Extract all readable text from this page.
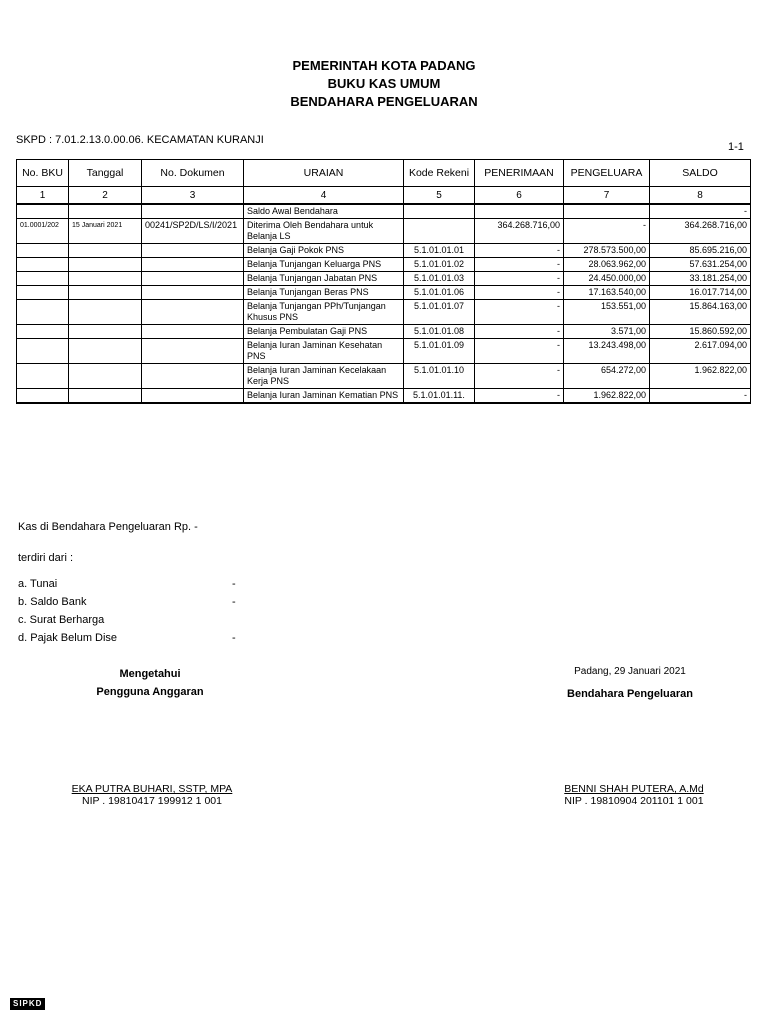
PEMERINTAH KOTA PADANG
BUKU KAS UMUM
BENDAHARA PENGELUARAN
SKPD : 7.01.2.13.0.00.06. KECAMATAN KURANJI
1-1
No. BKU	Tanggal	No. Dokumen	URAIAN	Kode Rekeni	PENERIMAAN	PENGELUARA	SALDO
1	2	3	4	5	6	7	8
			Saldo Awal Bendahara				-
01.0001/202	15 Januari 2021	00241/SP2D/LS/I/2021	Diterima Oleh Bendahara untuk Belanja LS		364.268.716,00	-	364.268.716,00
			Belanja Gaji Pokok PNS	5.1.01.01.01	-	278.573.500,00	85.695.216,00
			Belanja Tunjangan Keluarga PNS	5.1.01.01.02	-	28.063.962,00	57.631.254,00
			Belanja Tunjangan Jabatan PNS	5.1.01.01.03	-	24.450.000,00	33.181.254,00
			Belanja Tunjangan Beras PNS	5.1.01.01.06	-	17.163.540,00	16.017.714,00
			Belanja Tunjangan PPh/Tunjangan Khusus PNS	5.1.01.01.07	-	153.551,00	15.864.163,00
			Belanja Pembulatan Gaji PNS	5.1.01.01.08	-	3.571,00	15.860.592,00
			Belanja Iuran Jaminan Kesehatan PNS	5.1.01.01.09	-	13.243.498,00	2.617.094,00
			Belanja Iuran Jaminan Kecelakaan Kerja PNS	5.1.01.01.10	-	654.272,00	1.962.822,00
			Belanja Iuran Jaminan Kematian PNS	5.1.01.01.11.	-	1.962.822,00	-
Kas di Bendahara Pengeluaran Rp. -
terdiri dari :
a. Tunai	-
b. Saldo Bank	-
c. Surat Berharga
d. Pajak Belum Dise	-
Mengetahui
Pengguna Anggaran
Padang, 29 Januari 2021
Bendahara Pengeluaran
EKA PUTRA BUHARI, SSTP, MPA
NIP . 19810417 199912 1 001
BENNI SHAH PUTERA, A.Md
NIP . 19810904 201101 1 001
SIPKD
